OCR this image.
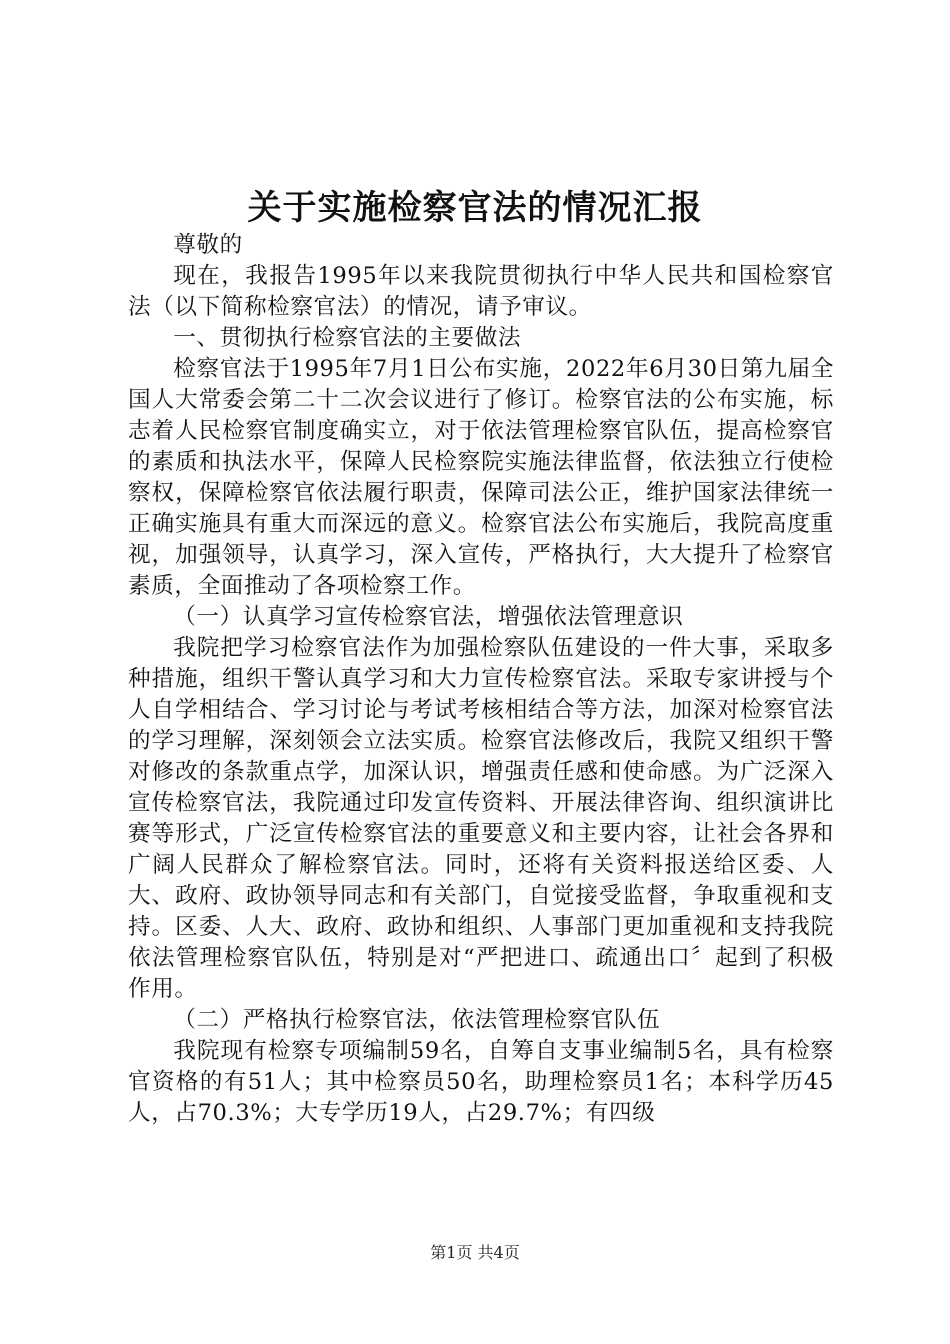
关于实施检察官法的情况汇报

尊敬的

现在，我报告1995年以来我院贯彻执行中华人民共和国检察官法（以下简称检察官法）的情况，请予审议。

一、贯彻执行检察官法的主要做法

检察官法于1995年7月1日公布实施，2022年6月30日第九届全国人大常委会第二十二次会议进行了修订。检察官法的公布实施，标志着人民检察官制度确实立，对于依法管理检察官队伍，提高检察官的素质和执法水平，保障人民检察院实施法律监督，依法独立行使检察权，保障检察官依法履行职责，保障司法公正，维护国家法律统一正确实施具有重大而深远的意义。检察官法公布实施后，我院高度重视，加强领导，认真学习，深入宣传，严格执行，大大提升了检察官素质，全面推动了各项检察工作。

（一）认真学习宣传检察官法，增强依法管理意识

我院把学习检察官法作为加强检察队伍建设的一件大事，采取多种措施，组织干警认真学习和大力宣传检察官法。采取专家讲授与个人自学相结合、学习讨论与考试考核相结合等方法，加深对检察官法的学习理解，深刻领会立法实质。检察官法修改后，我院又组织干警对修改的条款重点学，加深认识，增强责任感和使命感。为广泛深入宣传检察官法，我院通过印发宣传资料、开展法律咨询、组织演讲比赛等形式，广泛宣传检察官法的重要意义和主要内容，让社会各界和广阔人民群众了解检察官法。同时，还将有关资料报送给区委、人大、政府、政协领导同志和有关部门，自觉接受监督，争取重视和支持。区委、人大、政府、政协和组织、人事部门更加重视和支持我院依法管理检察官队伍，特别是对“严把进口、疏通出口〞起到了积极作用。

（二）严格执行检察官法，依法管理检察官队伍

我院现有检察专项编制59名，自筹自支事业编制5名，具有检察官资格的有51人；其中检察员50名，助理检察员1名；本科学历45人，占70.3%；大专学历19人，占29.7%；有四级

第1页 共4页
